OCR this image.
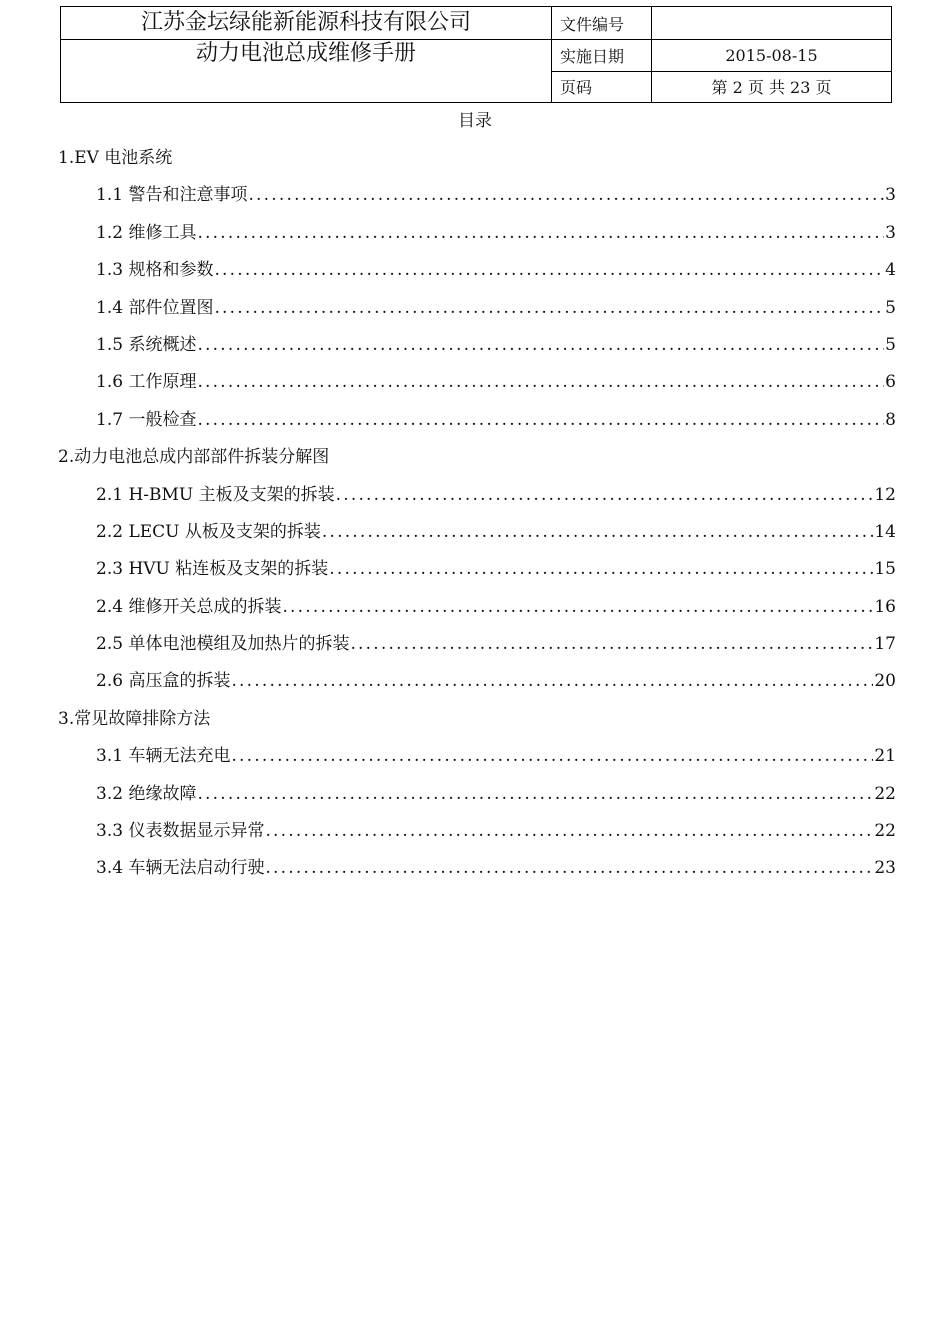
江苏金坛绿能新能源科技有限公司	文件编号	
动力电池总成维修手册	实施日期	2015-08-15
	页码	第 2 页 共 23 页
目录
1.EV 电池系统
1.1 警告和注意事项 .....	3
1.2 维修工具 .....	3
1.3 规格和参数 .....	4
1.4 部件位置图 .....	5
1.5 系统概述 .....	5
1.6 工作原理 .....	6
1.7 一般检查 .....	8
2.动力电池总成内部部件拆装分解图
2.1 H-BMU 主板及支架的拆装 .....	12
2.2 LECU 从板及支架的拆装 .....	14
2.3 HVU 粘连板及支架的拆装 .....	15
2.4 维修开关总成的拆装 .....	16
2.5 单体电池模组及加热片的拆装 .....	17
2.6 高压盒的拆装 .....	20
3.常见故障排除方法
3.1 车辆无法充电 .....	21
3.2 绝缘故障 .....	22
3.3 仪表数据显示异常 .....	22
3.4 车辆无法启动行驶 .....	23
